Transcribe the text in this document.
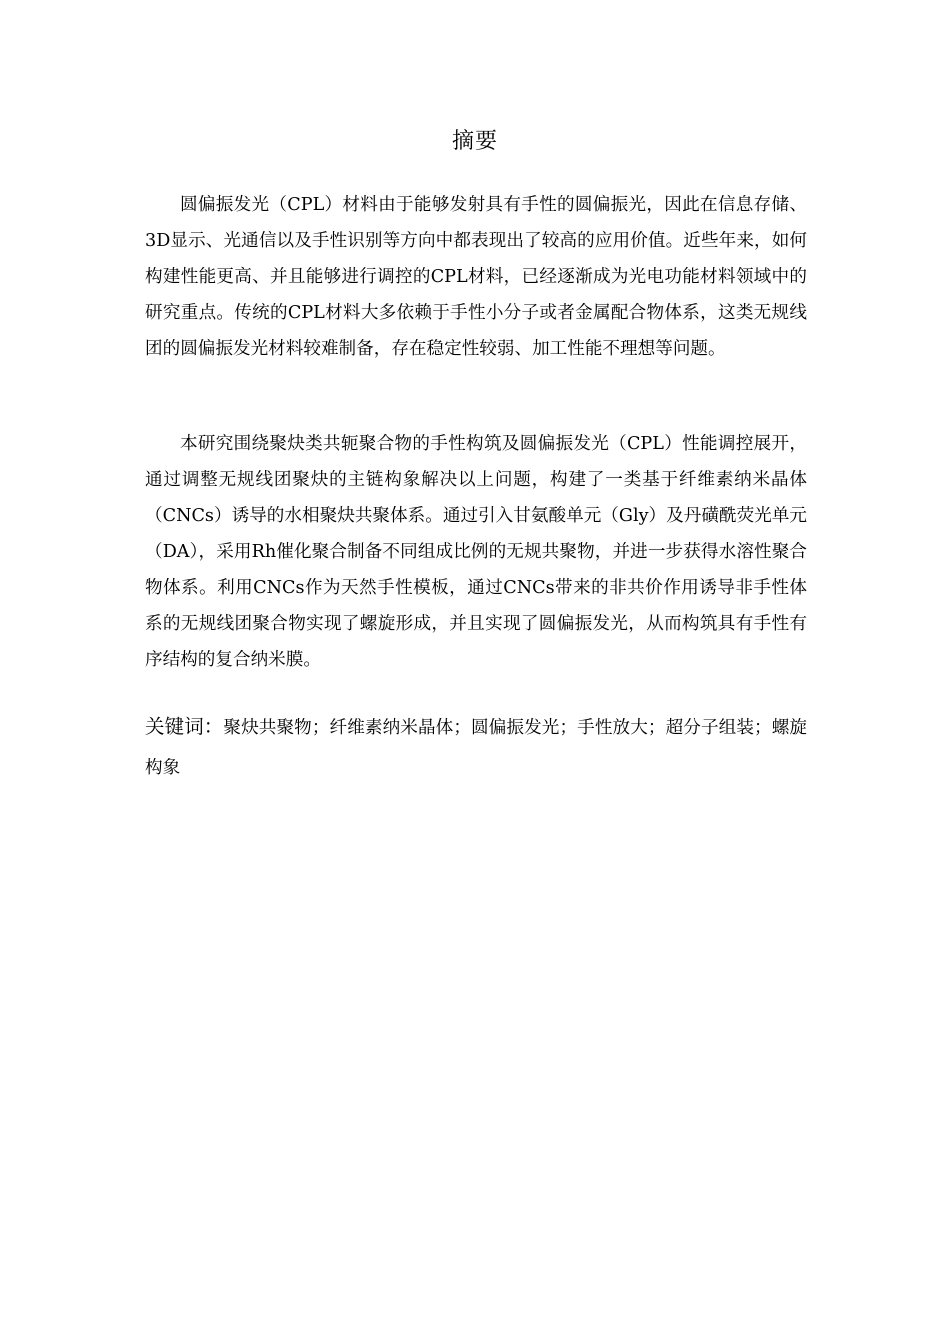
摘要

圆偏振发光（CPL）材料由于能够发射具有手性的圆偏振光，因此在信息存储、3D显示、光通信以及手性识别等方向中都表现出了较高的应用价值。近些年来，如何构建性能更高、并且能够进行调控的CPL材料，已经逐渐成为光电功能材料领域中的研究重点。传统的CPL材料大多依赖于手性小分子或者金属配合物体系，这类无规线团的圆偏振发光材料较难制备，存在稳定性较弱、加工性能不理想等问题。

本研究围绕聚炔类共轭聚合物的手性构筑及圆偏振发光（CPL）性能调控展开，通过调整无规线团聚炔的主链构象解决以上问题，构建了一类基于纤维素纳米晶体（CNCs）诱导的水相聚炔共聚体系。通过引入甘氨酸单元（Gly）及丹磺酰荧光单元（DA），采用Rh催化聚合制备不同组成比例的无规共聚物，并进一步获得水溶性聚合物体系。利用CNCs作为天然手性模板，通过CNCs带来的非共价作用诱导非手性体系的无规线团聚合物实现了螺旋形成，并且实现了圆偏振发光，从而构筑具有手性有序结构的复合纳米膜。

关键词：聚炔共聚物；纤维素纳米晶体；圆偏振发光；手性放大；超分子组装；螺旋构象
